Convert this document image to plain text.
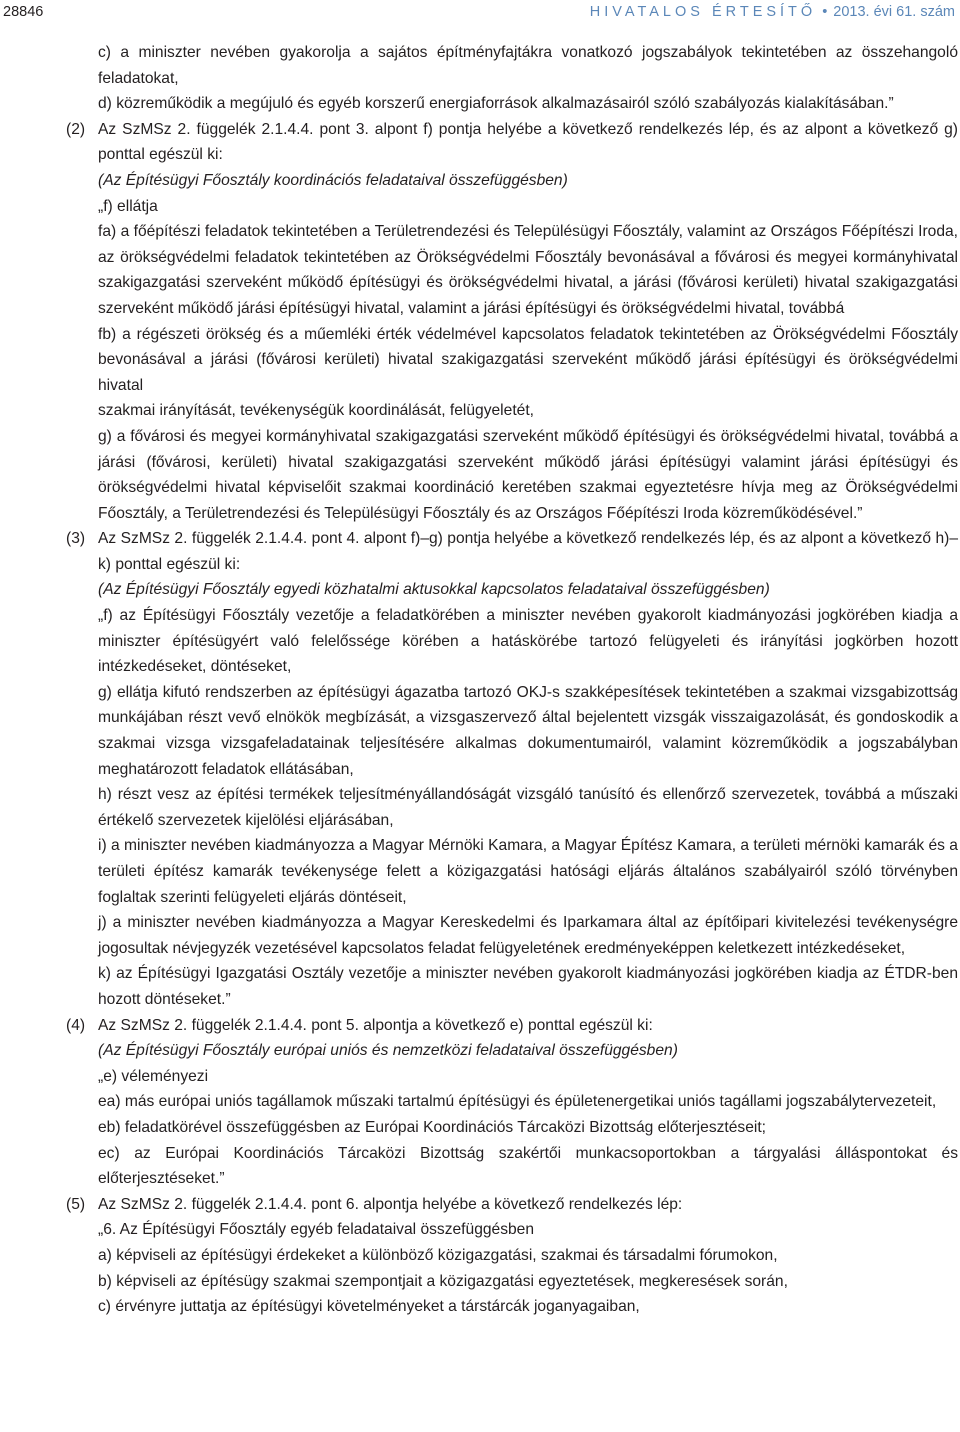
28846	HIVATALOS ÉRTESÍTŐ • 2013. évi 61. szám
c) a miniszter nevében gyakorolja a sajátos építményfajtákra vonatkozó jogszabályok tekintetében az összehangoló feladatokat,
d) közreműködik a megújuló és egyéb korszerű energiaforrások alkalmazásairól szóló szabályozás kialakításában.”
(2) Az SzMSz 2. függelék 2.1.4.4. pont 3. alpont f) pontja helyébe a következő rendelkezés lép, és az alpont a következő g) ponttal egészül ki:
(Az Építésügyi Főosztály koordinációs feladataival összefüggésben)
„f) ellátja
fa) a főépítészi feladatok tekintetében a Területrendezési és Településügyi Főosztály, valamint az Országos Főépítészi Iroda, az örökségvédelmi feladatok tekintetében az Örökségvédelmi Főosztály bevonásával a fővárosi és megyei kormányhivatal szakigazgatási szerveként működő építésügyi és örökségvédelmi hivatal, a járási (fővárosi kerületi) hivatal szakigazgatási szerveként működő járási építésügyi hivatal, valamint a járási építésügyi és örökségvédelmi hivatal, továbbá
fb) a régészeti örökség és a műemléki érték védelmével kapcsolatos feladatok tekintetében az Örökségvédelmi Főosztály bevonásával a járási (fővárosi kerületi) hivatal szakigazgatási szerveként működő járási építésügyi és örökségvédelmi hivatal
szakmai irányítását, tevékenységük koordinálását, felügyeletét,
g) a fővárosi és megyei kormányhivatal szakigazgatási szerveként működő építésügyi és örökségvédelmi hivatal, továbbá a járási (fővárosi, kerületi) hivatal szakigazgatási szerveként működő járási építésügyi valamint járási építésügyi és örökségvédelmi hivatal képviselőit szakmai koordináció keretében szakmai egyeztetésre hívja meg az Örökségvédelmi Főosztály, a Területrendezési és Településügyi Főosztály és az Országos Főépítészi Iroda közreműködésével.”
(3) Az SzMSz 2. függelék 2.1.4.4. pont 4. alpont f)–g) pontja helyébe a következő rendelkezés lép, és az alpont a következő h)–k) ponttal egészül ki:
(Az Építésügyi Főosztály egyedi közhatalmi aktusokkal kapcsolatos feladataival összefüggésben)
„f) az Építésügyi Főosztály vezetője a feladatkörében a miniszter nevében gyakorolt kiadmányozási jogkörében kiadja a miniszter építésügyért való felelőssége körében a hatáskörébe tartozó felügyeleti és irányítási jogkörben hozott intézkedéseket, döntéseket,
g) ellátja kifutó rendszerben az építésügyi ágazatba tartozó OKJ-s szakképesítések tekintetében a szakmai vizsgabizottság munkájában részt vevő elnökök megbízását, a vizsgaszervező által bejelentett vizsgák visszaigazolását, és gondoskodik a szakmai vizsga vizsgafeladatainak teljesítésére alkalmas dokumentumairól, valamint közreműködik a jogszabályban meghatározott feladatok ellátásában,
h) részt vesz az építési termékek teljesítményállandóságát vizsgáló tanúsító és ellenőrző szervezetek, továbbá a műszaki értékelő szervezetek kijelölési eljárásában,
i) a miniszter nevében kiadmányozza a Magyar Mérnöki Kamara, a Magyar Építész Kamara, a területi mérnöki kamarák és a területi építész kamarák tevékenysége felett a közigazgatási hatósági eljárás általános szabályairól szóló törvényben foglaltak szerinti felügyeleti eljárás döntéseit,
j) a miniszter nevében kiadmányozza a Magyar Kereskedelmi és Iparkamara által az építőipari kivitelezési tevékenységre jogosultak névjegyzék vezetésével kapcsolatos feladat felügyeletének eredményeképpen keletkezett intézkedéseket,
k) az Építésügyi Igazgatási Osztály vezetője a miniszter nevében gyakorolt kiadmányozási jogkörében kiadja az ÉTDR-ben hozott döntéseket.”
(4) Az SzMSz 2. függelék 2.1.4.4. pont 5. alpontja a következő e) ponttal egészül ki:
(Az Építésügyi Főosztály európai uniós és nemzetközi feladataival összefüggésben)
„e) véleményezi
ea) más európai uniós tagállamok műszaki tartalmú építésügyi és épületenergetikai uniós tagállami jogszabálytervezeteit,
eb) feladatkörével összefüggésben az Európai Koordinációs Tárcaközi Bizottság előterjesztéseit;
ec) az Európai Koordinációs Tárcaközi Bizottság szakértői munkacsoportokban a tárgyalási álláspontokat és előterjesztéseket.”
(5) Az SzMSz 2. függelék 2.1.4.4. pont 6. alpontja helyébe a következő rendelkezés lép:
„6. Az Építésügyi Főosztály egyéb feladataival összefüggésben
a) képviseli az építésügyi érdekeket a különböző közigazgatási, szakmai és társadalmi fórumokon,
b) képviseli az építésügy szakmai szempontjait a közigazgatási egyeztetések, megkeresések során,
c) érvényre juttatja az építésügyi követelményeket a társtárcák joganyagaiban,
